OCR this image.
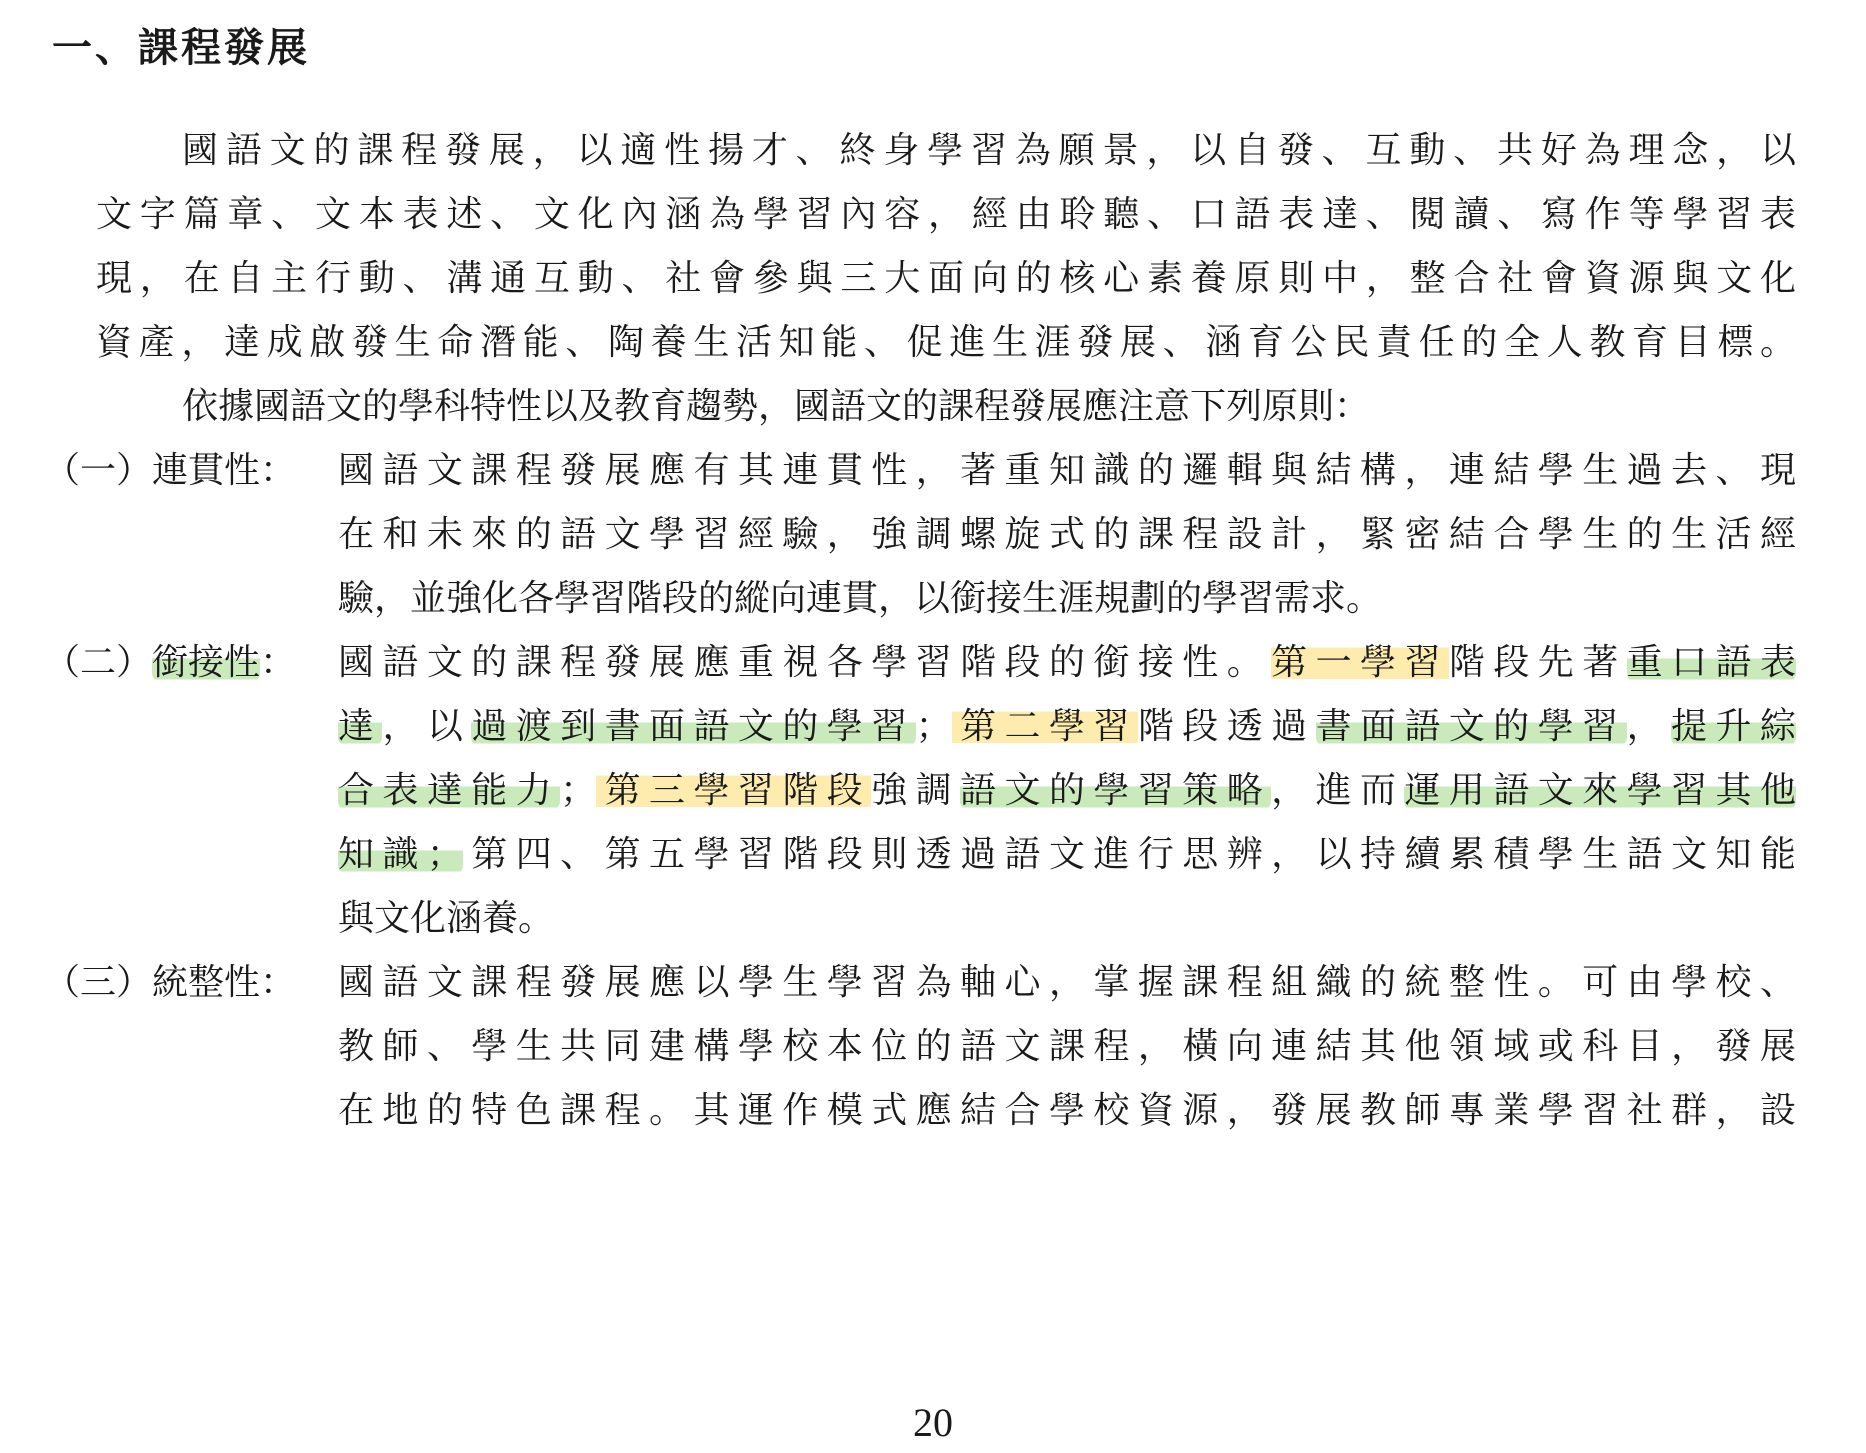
一、課程發展
國語文的課程發展，以適性揚才、終身學習為願景，以自發、互動、共好為理念，以
文字篇章、文本表述、文化內涵為學習內容，經由聆聽、口語表達、閱讀、寫作等學習表
現，在自主行動、溝通互動、社會參與三大面向的核心素養原則中，整合社會資源與文化
資產，達成啟發生命潛能、陶養生活知能、促進生涯發展、涵育公民責任的全人教育目標。
依據國語文的學科特性以及教育趨勢，國語文的課程發展應注意下列原則：
（一）連貫性： 國語文課程發展應有其連貫性，著重知識的邏輯與結構，連結學生過去、現
在和未來的語文學習經驗，強調螺旋式的課程設計，緊密結合學生的生活經
驗，並強化各學習階段的縱向連貫，以銜接生涯規劃的學習需求。
（二）銜接性： 國語文的課程發展應重視各學習階段的銜接性。第一學習階段先著重口語表
達，以過渡到書面語文的學習；第二學習階段透過書面語文的學習，提升綜
合表達能力；第三學習階段強調語文的學習策略，進而運用語文來學習其他
知識；第四、第五學習階段則透過語文進行思辨，以持續累積學生語文知能
與文化涵養。
（三）統整性： 國語文課程發展應以學生學習為軸心，掌握課程組織的統整性。可由學校、
教師、學生共同建構學校本位的語文課程，橫向連結其他領域或科目，發展
在地的特色課程。其運作模式應結合學校資源，發展教師專業學習社群，設
20
